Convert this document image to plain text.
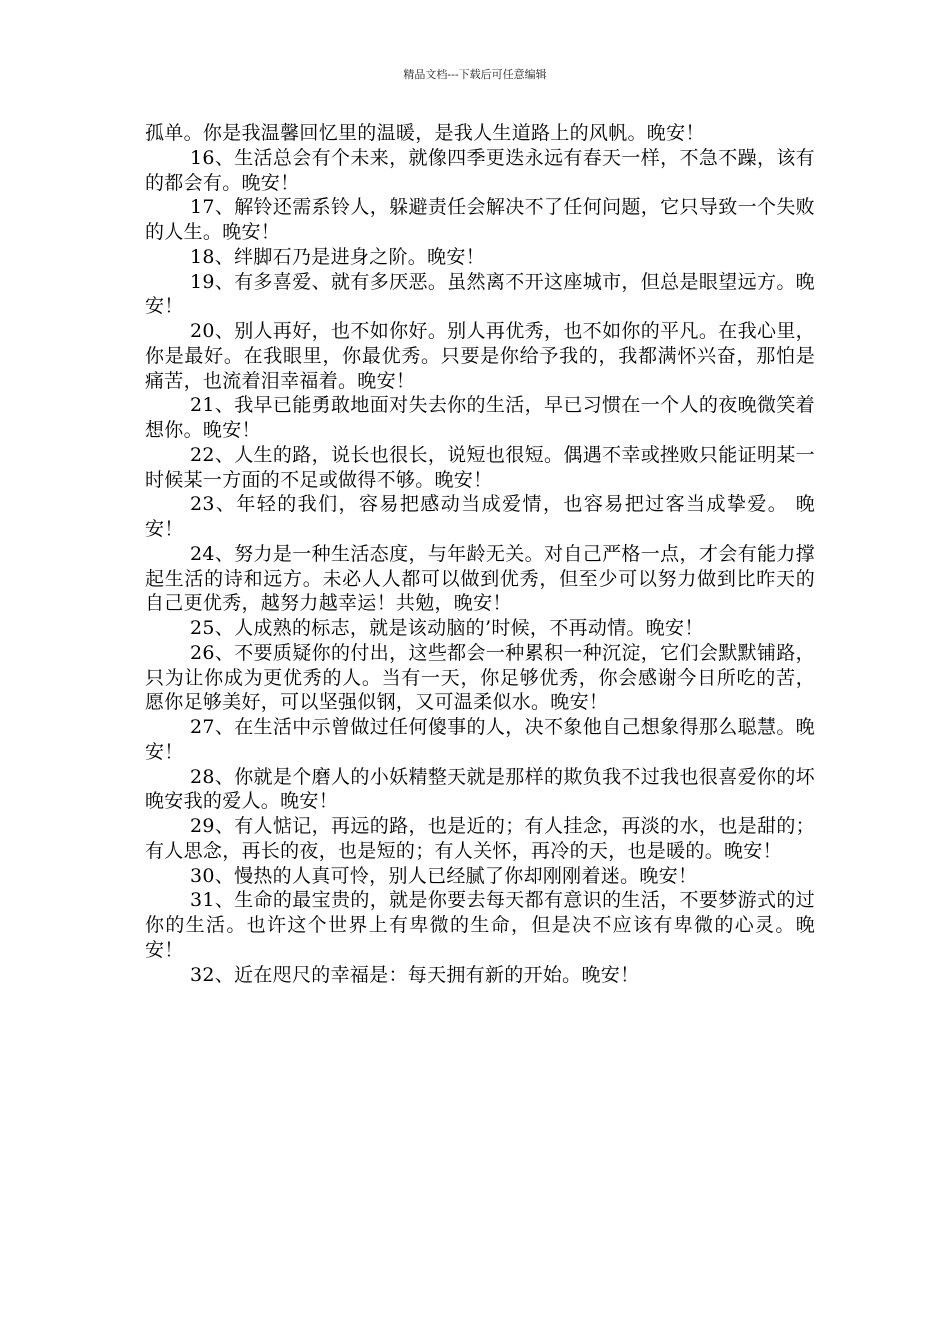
精品文档---下载后可任意编辑

孤单。你是我温馨回忆里的温暖，是我人生道路上的风帆。晚安！

16、生活总会有个未来，就像四季更迭永远有春天一样，不急不躁，该有的都会有。晚安！

17、解铃还需系铃人，躲避责任会解决不了任何问题，它只导致一个失败的人生。晚安！

18、绊脚石乃是进身之阶。晚安！

19、有多喜爱、就有多厌恶。虽然离不开这座城市，但总是眼望远方。晚安！

20、别人再好，也不如你好。别人再优秀，也不如你的平凡。在我心里，你是最好。在我眼里，你最优秀。只要是你给予我的，我都满怀兴奋，那怕是痛苦，也流着泪幸福着。晚安！

21、我早已能勇敢地面对失去你的生活，早已习惯在一个人的夜晚微笑着想你。晚安！

22、人生的路，说长也很长，说短也很短。偶遇不幸或挫败只能证明某一时候某一方面的不足或做得不够。晚安！

23、年轻的我们，容易把感动当成爱情，也容易把过客当成挚爱。 晚安！

24、努力是一种生活态度，与年龄无关。对自己严格一点，才会有能力撑起生活的诗和远方。未必人人都可以做到优秀，但至少可以努力做到比昨天的自己更优秀，越努力越幸运！共勉，晚安！

25、人成熟的标志，就是该动脑的’时候，不再动情。晚安！

26、不要质疑你的付出，这些都会一种累积一种沉淀，它们会默默铺路，只为让你成为更优秀的人。当有一天，你足够优秀，你会感谢今日所吃的苦，愿你足够美好，可以坚强似钢，又可温柔似水。晚安！

27、在生活中示曾做过任何傻事的人，决不象他自己想象得那么聪慧。晚安！

28、你就是个磨人的小妖精整天就是那样的欺负我不过我也很喜爱你的坏晚安我的爱人。晚安！

29、有人惦记，再远的路，也是近的；有人挂念，再淡的水，也是甜的；有人思念，再长的夜，也是短的；有人关怀，再冷的天，也是暖的。晚安！

30、慢热的人真可怜，别人已经腻了你却刚刚着迷。晚安！

31、生命的最宝贵的，就是你要去每天都有意识的生活，不要梦游式的过你的生活。也许这个世界上有卑微的生命，但是决不应该有卑微的心灵。晚安！

32、近在咫尺的幸福是：每天拥有新的开始。晚安！
